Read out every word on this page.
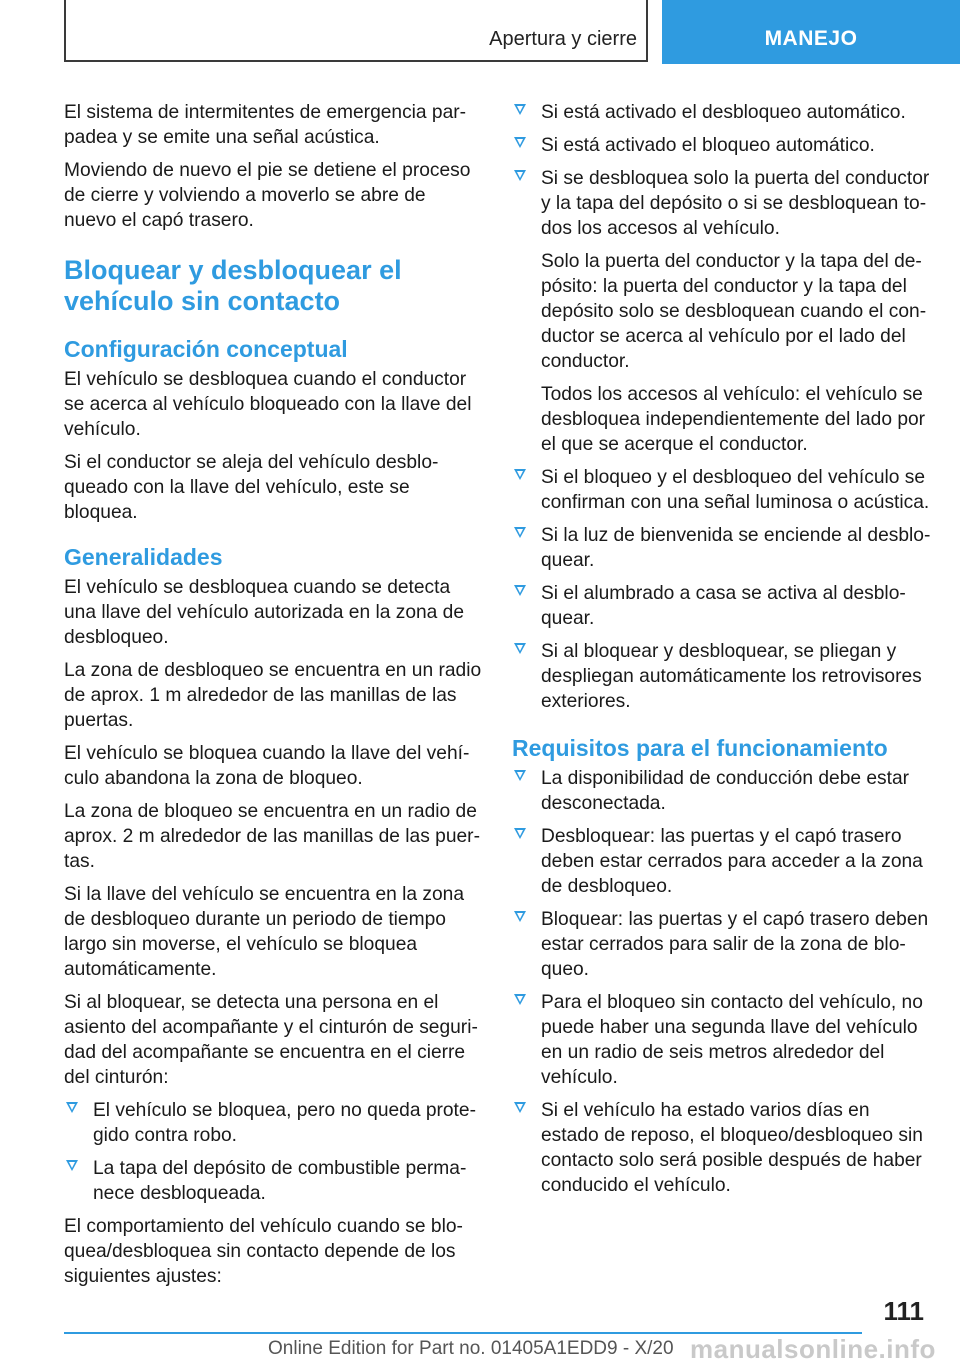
Apertura y cierre	MANEJO

El sistema de intermitentes de emergencia parpadea y se emite una señal acústica.

Moviendo de nuevo el pie se detiene el proceso de cierre y volviendo a moverlo se abre de nuevo el capó trasero.

Bloquear y desbloquear el vehículo sin contacto
Configuración conceptual

El vehículo se desbloquea cuando el conductor se acerca al vehículo bloqueado con la llave del vehículo.

Si el conductor se aleja del vehículo desbloqueado con la llave del vehículo, este se bloquea.

Generalidades

El vehículo se desbloquea cuando se detecta una llave del vehículo autorizada en la zona de desbloqueo.

La zona de desbloqueo se encuentra en un radio de aprox. 1 m alrededor de las manillas de las puertas.

El vehículo se bloquea cuando la llave del vehículo abandona la zona de bloqueo.

La zona de bloqueo se encuentra en un radio de aprox. 2 m alrededor de las manillas de las puertas.

Si la llave del vehículo se encuentra en la zona de desbloqueo durante un periodo de tiempo largo sin moverse, el vehículo se bloquea automáticamente.

Si al bloquear, se detecta una persona en el asiento del acompañante y el cinturón de seguridad del acompañante se encuentra en el cierre del cinturón:

El vehículo se bloquea, pero no queda protegido contra robo.
La tapa del depósito de combustible permanece desbloqueada.

El comportamiento del vehículo cuando se bloquea/desbloquea sin contacto depende de los siguientes ajustes:

Si está activado el desbloqueo automático.
Si está activado el bloqueo automático.
Si se desbloquea solo la puerta del conductor y la tapa del depósito o si se desbloquean todos los accesos al vehículo.
Solo la puerta del conductor y la tapa del depósito: la puerta del conductor y la tapa del depósito solo se desbloquean cuando el conductor se acerca al vehículo por el lado del conductor.
Todos los accesos al vehículo: el vehículo se desbloquea independientemente del lado por el que se acerque el conductor.
Si el bloqueo y el desbloqueo del vehículo se confirman con una señal luminosa o acústica.
Si la luz de bienvenida se enciende al desbloquear.
Si el alumbrado a casa se activa al desbloquear.
Si al bloquear y desbloquear, se pliegan y despliegan automáticamente los retrovisores exteriores.
Requisitos para el funcionamiento
La disponibilidad de conducción debe estar desconectada.
Desbloquear: las puertas y el capó trasero deben estar cerrados para acceder a la zona de desbloqueo.
Bloquear: las puertas y el capó trasero deben estar cerrados para salir de la zona de bloqueo.
Para el bloqueo sin contacto del vehículo, no puede haber una segunda llave del vehículo en un radio de seis metros alrededor del vehículo.
Si el vehículo ha estado varios días en estado de reposo, el bloqueo/desbloqueo sin contacto solo será posible después de haber conducido el vehículo.
111
Online Edition for Part no. 01405A1EDD9 - X/20 manualsonline.info
